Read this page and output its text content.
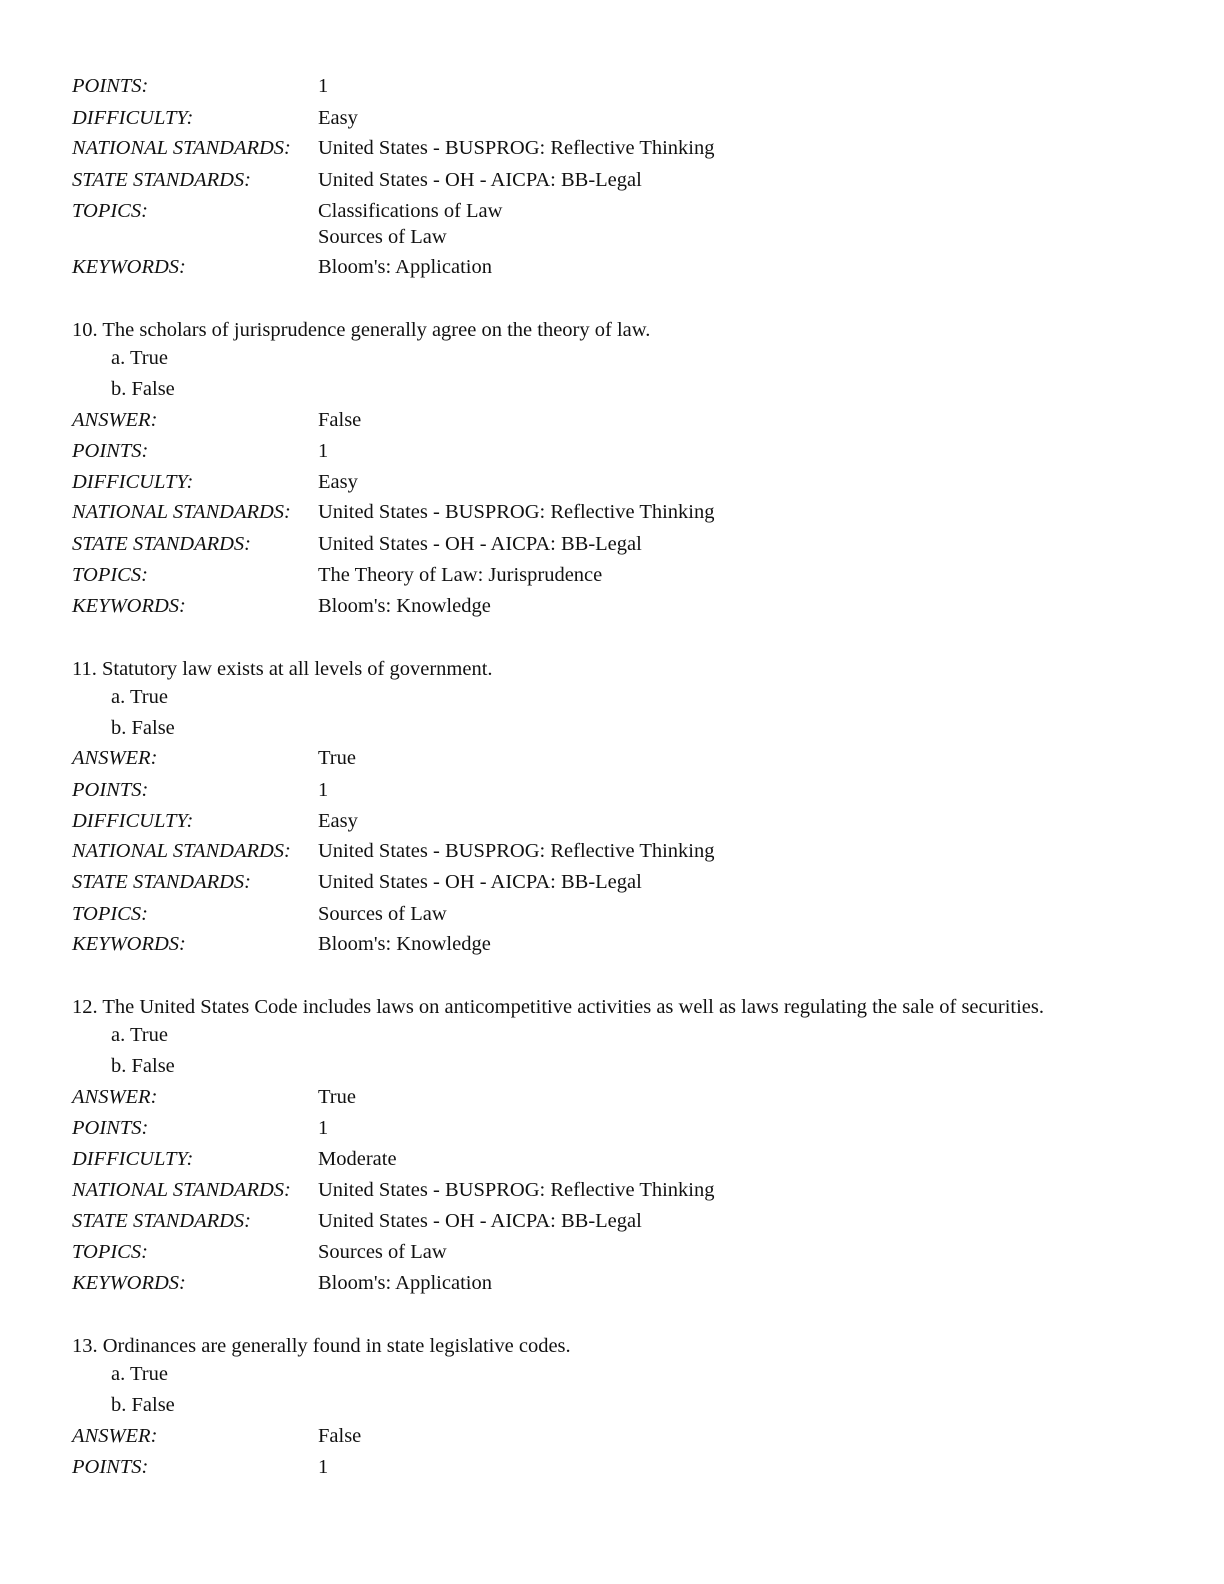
POINTS:	1
DIFFICULTY:	Easy
NATIONAL STANDARDS: United States - BUSPROG: Reflective Thinking
STATE STANDARDS:	United States - OH - AICPA: BB-Legal
TOPICS:	Classifications of Law
Sources of Law
KEYWORDS:	Bloom's: Application
10. The scholars of jurisprudence generally agree on the theory of law.
a. True
b. False
ANSWER:	False
POINTS:	1
DIFFICULTY:	Easy
NATIONAL STANDARDS: United States - BUSPROG: Reflective Thinking
STATE STANDARDS:	United States - OH - AICPA: BB-Legal
TOPICS:	The Theory of Law: Jurisprudence
KEYWORDS:	Bloom's: Knowledge
11. Statutory law exists at all levels of government.
a. True
b. False
ANSWER:	True
POINTS:	1
DIFFICULTY:	Easy
NATIONAL STANDARDS: United States - BUSPROG: Reflective Thinking
STATE STANDARDS:	United States - OH - AICPA: BB-Legal
TOPICS:	Sources of Law
KEYWORDS:	Bloom's: Knowledge
12. The United States Code includes laws on anticompetitive activities as well as laws regulating the sale of securities.
a. True
b. False
ANSWER:	True
POINTS:	1
DIFFICULTY:	Moderate
NATIONAL STANDARDS: United States - BUSPROG: Reflective Thinking
STATE STANDARDS:	United States - OH - AICPA: BB-Legal
TOPICS:	Sources of Law
KEYWORDS:	Bloom's: Application
13. Ordinances are generally found in state legislative codes.
a. True
b. False
ANSWER:	False
POINTS:	1
